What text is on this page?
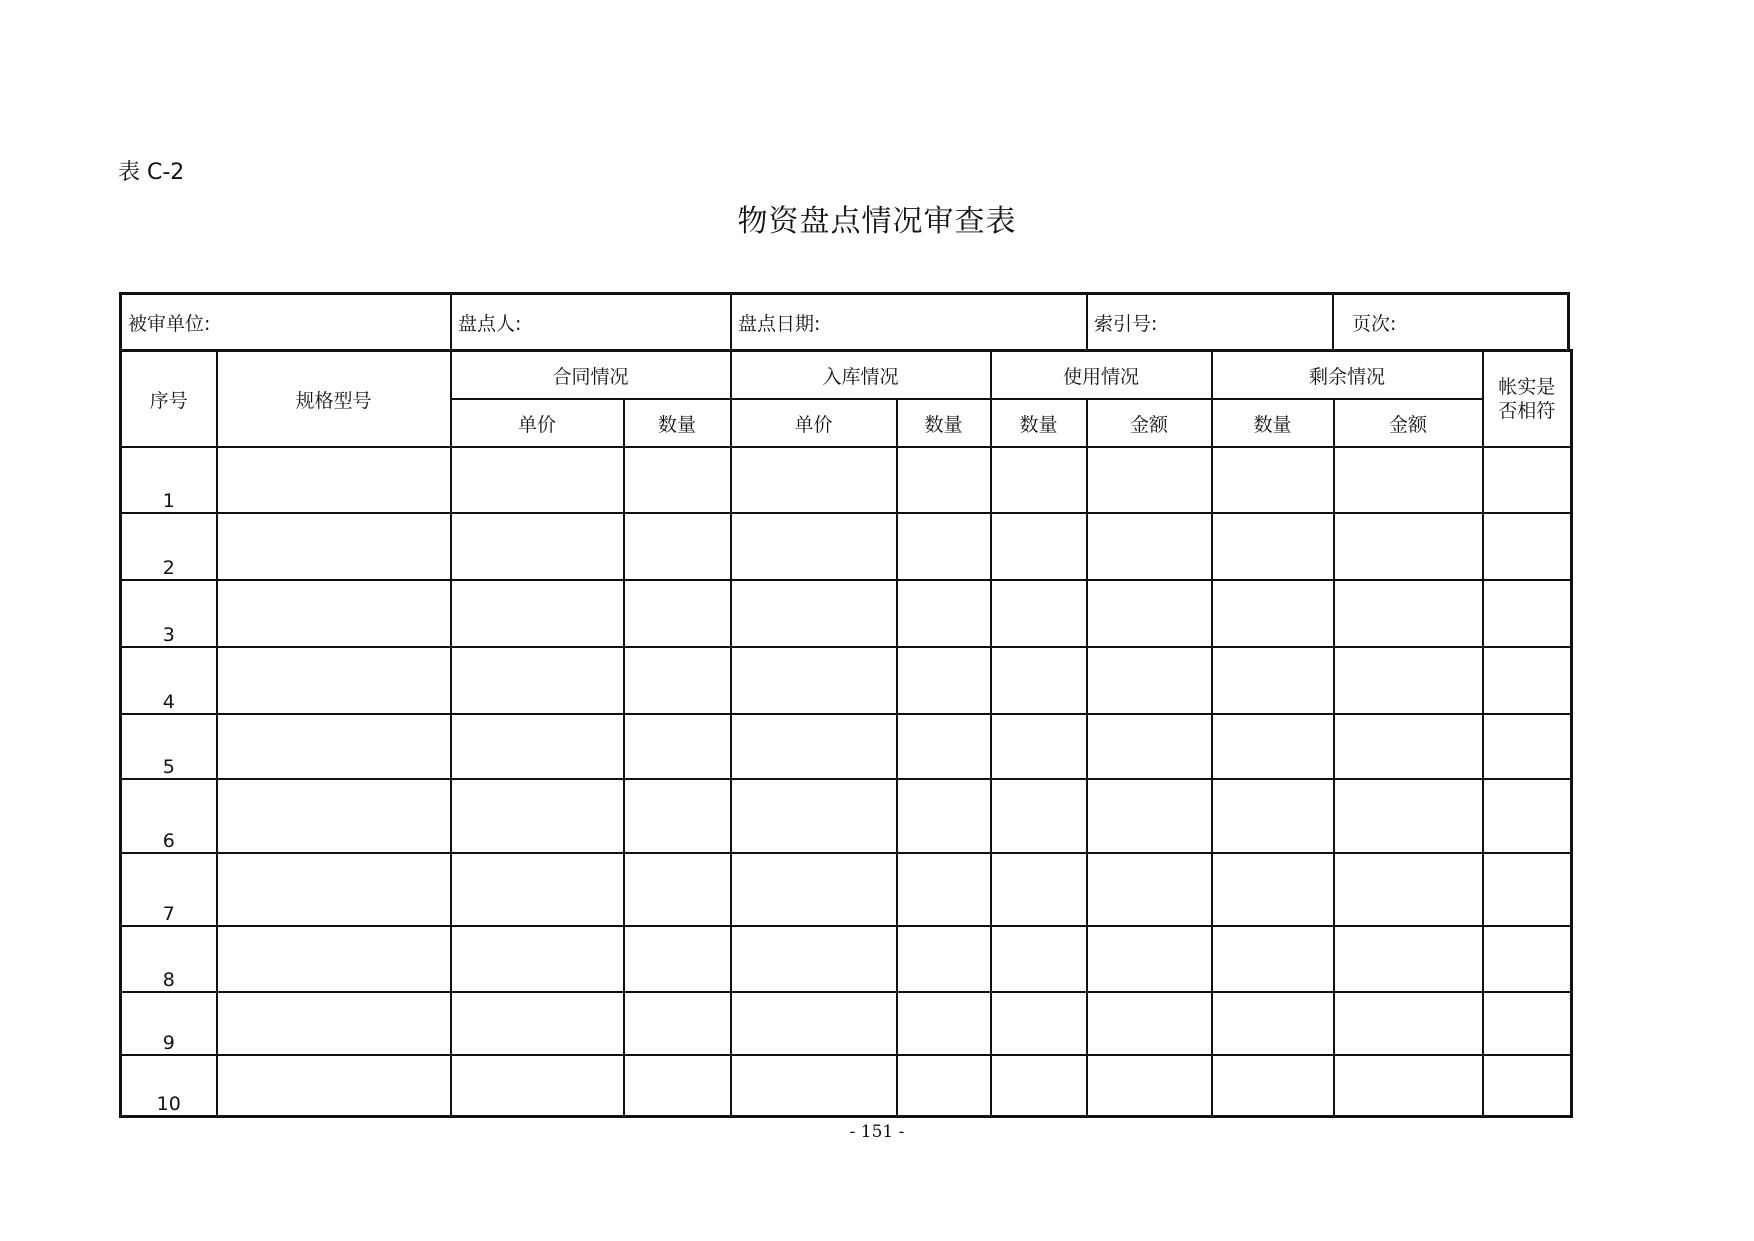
表 C-2
物资盘点情况审查表
被审单位:	盘点人:	盘点日期:	索引号:	页次:
序号	规格型号	合同情况		入库情况		使用情况		剩余情况		帐实是
否相符

		单价	数量	单价	数量	数量	金额	数量	金额	
1										
2										
3										
4										
5										
6										
7										
8										
9										
10										
- 151 -
